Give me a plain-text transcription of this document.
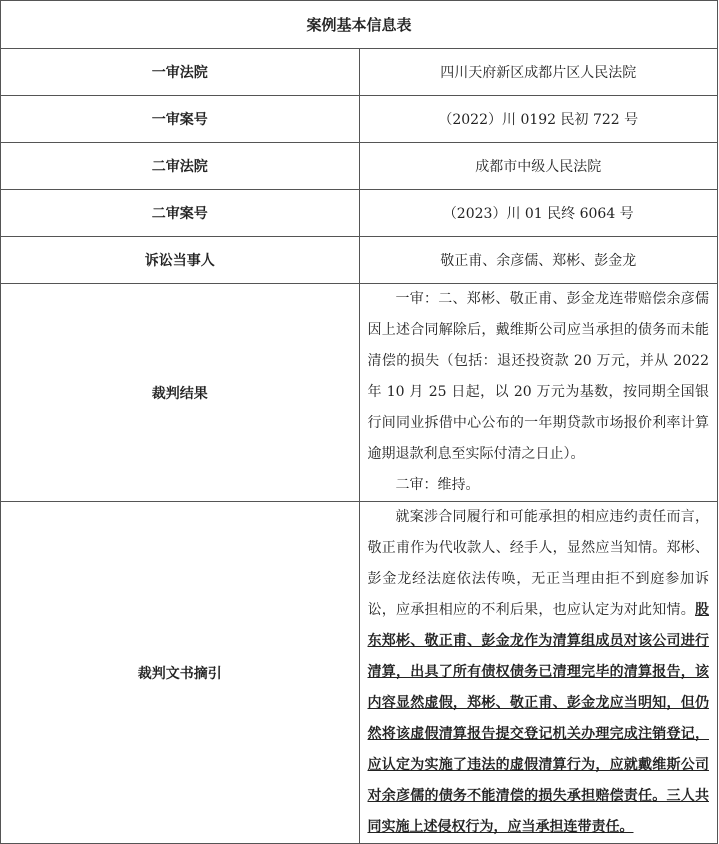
案例基本信息表	
一审法院	四川天府新区成都片区人民法院
一审案号	（2022）川 0192 民初 722 号
二审法院	成都市中级人民法院
二审案号	（2023）川 01 民终 6064 号
诉讼当事人	敬正甫、余彦儒、郑彬、彭金龙
裁判结果	一审：二、郑彬、敬正甫、彭金龙连带赔偿余彦儒因上述合同解除后，戴维斯公司应当承担的债务而未能清偿的损失（包括：退还投资款 20 万元，并从 2022 年 10 月 25 日起，以 20 万元为基数，按同期全国银行间同业拆借中心公布的一年期贷款市场报价利率计算逾期退款利息至实际付清之日止）。

二审：维持。

裁判文书摘引	就案涉合同履行和可能承担的相应违约责任而言，敬正甫作为代收款人、经手人，显然应当知情。郑彬、彭金龙经法庭依法传唤，无正当理由拒不到庭参加诉讼，应承担相应的不利后果，也应认定为对此知情。股东郑彬、敬正甫、彭金龙作为清算组成员对该公司进行清算，出具了所有债权债务已清理完毕的清算报告，该内容显然虚假，郑彬、敬正甫、彭金龙应当明知，但仍然将该虚假清算报告提交登记机关办理完成注销登记，应认定为实施了违法的虚假清算行为，应就戴维斯公司对余彦儒的债务不能清偿的损失承担赔偿责任。三人共同实施上述侵权行为，应当承担连带责任。
